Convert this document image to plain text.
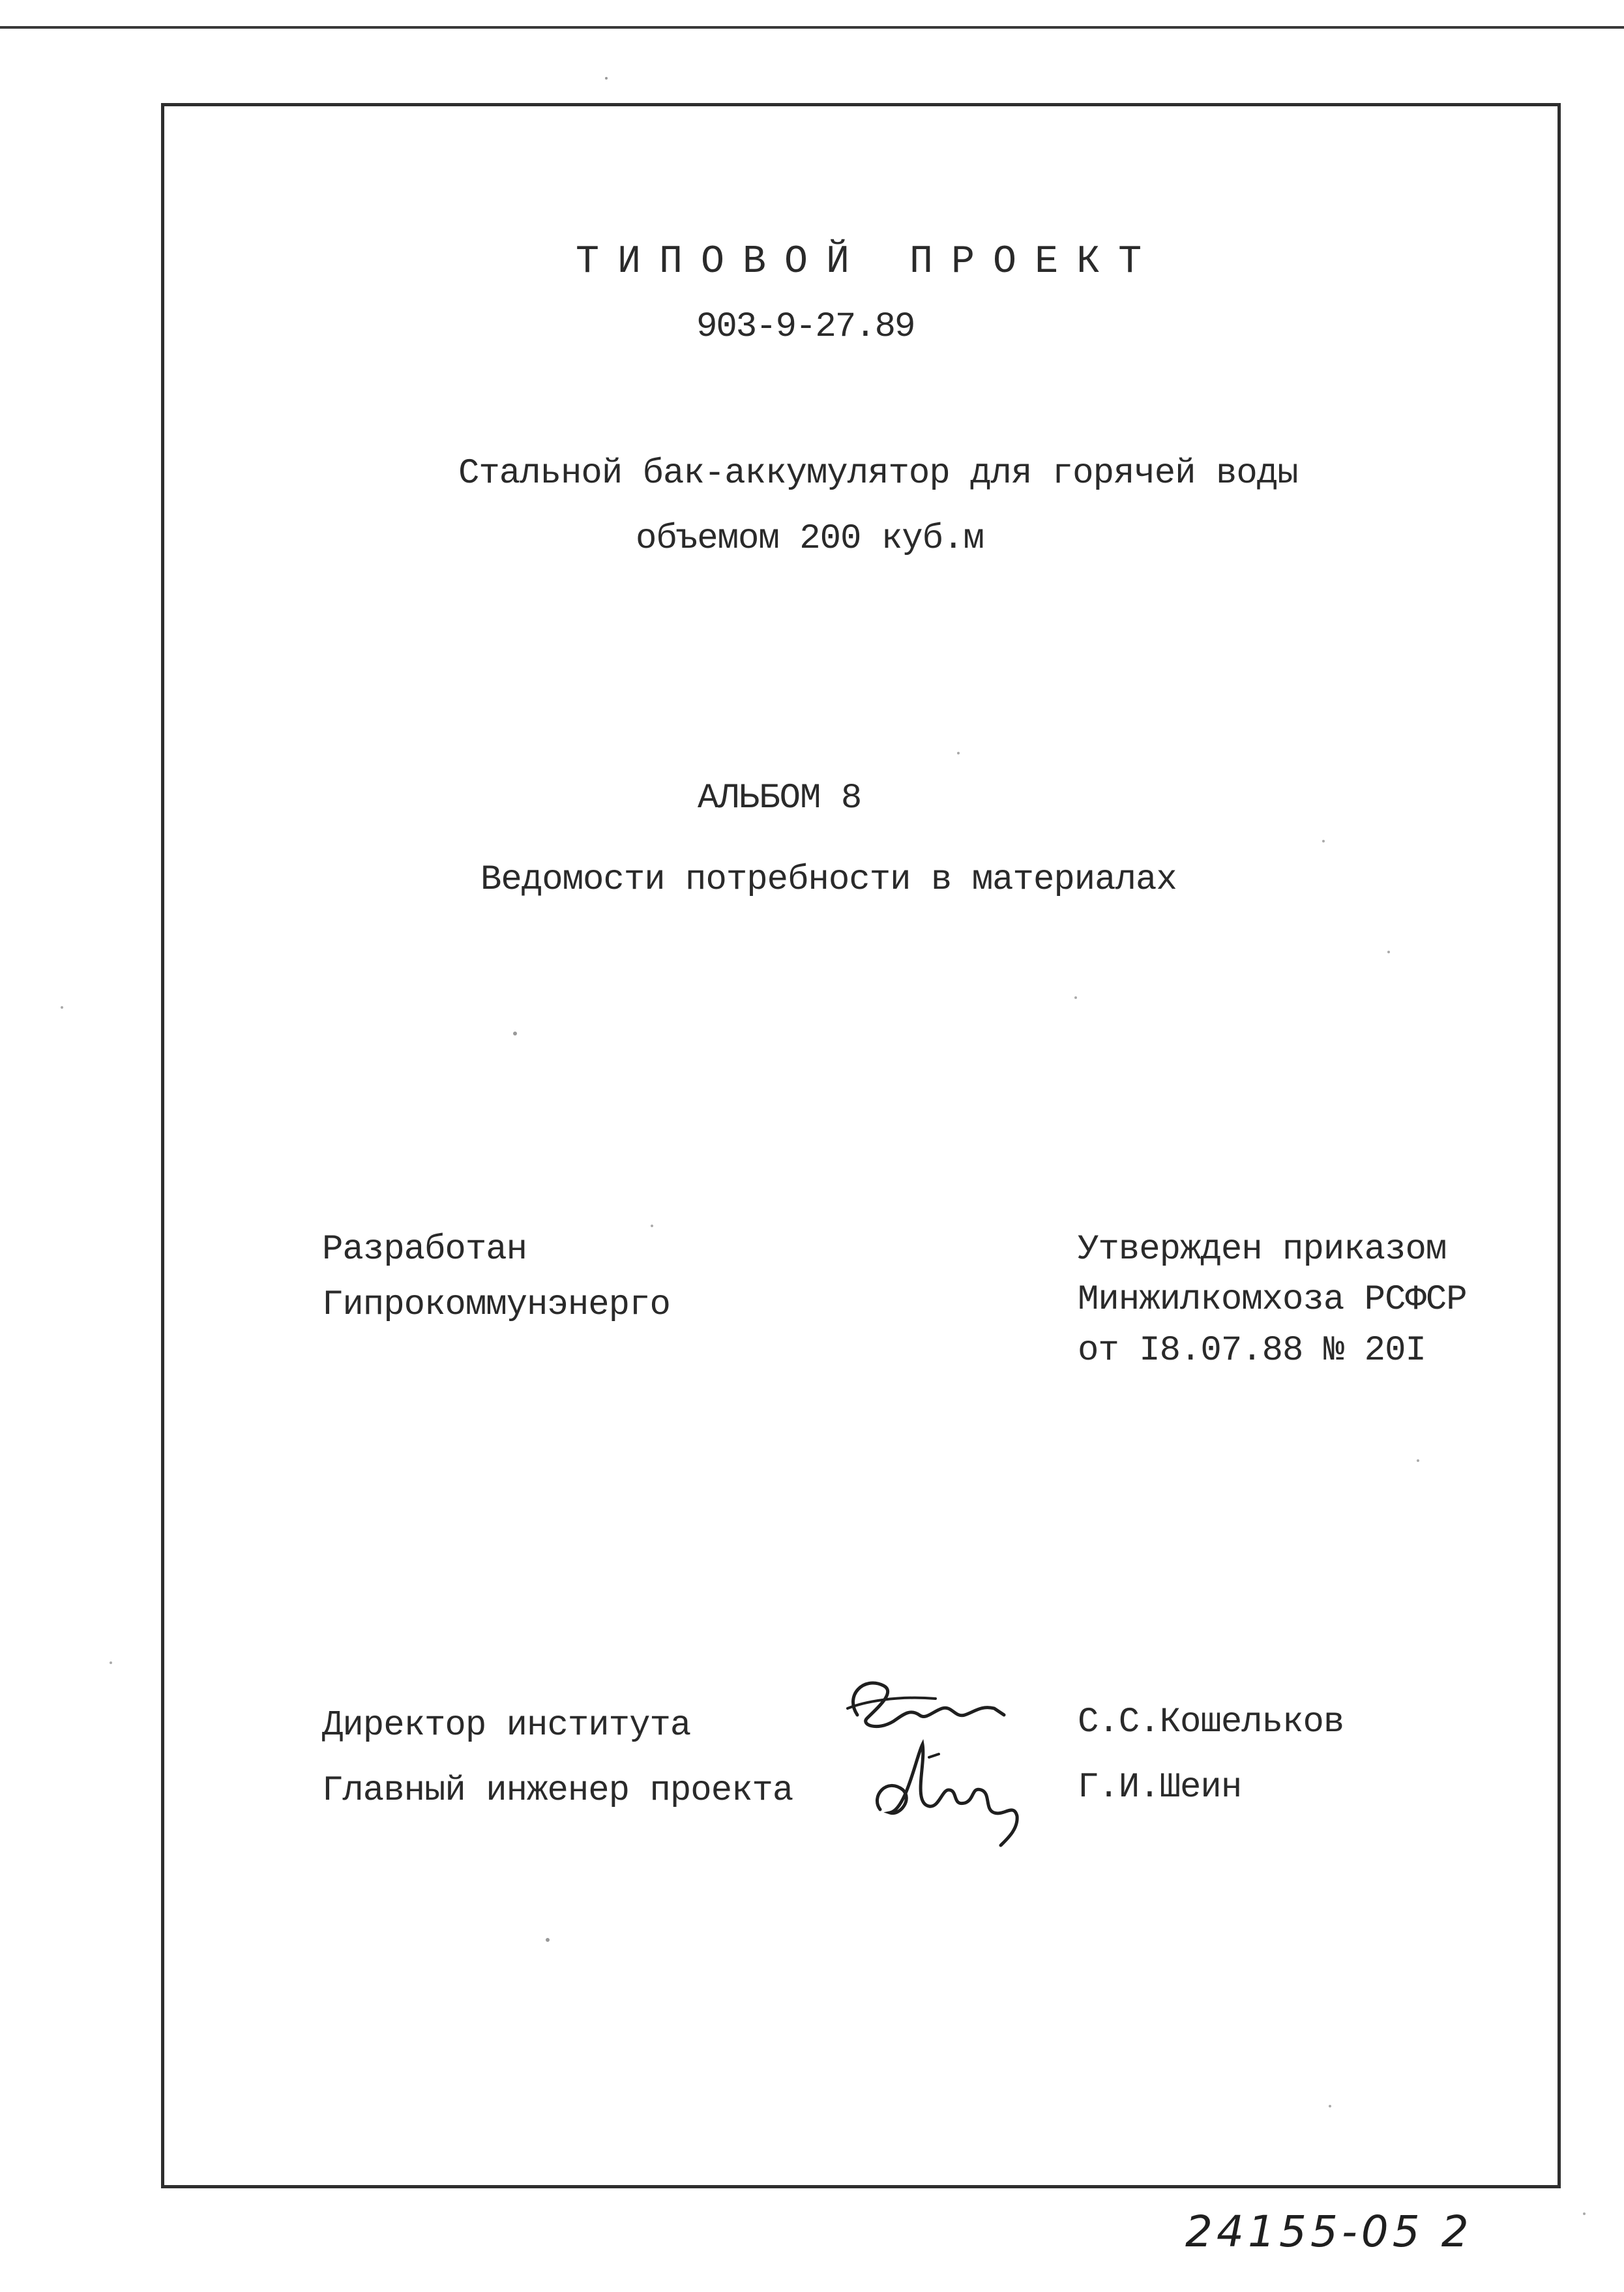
ТИПОВОЙ ПРОЕКТ
903-9-27.89
Стальной бак-аккумулятор для горячей воды
объемом 200 куб.м
АЛЬБОМ 8
Ведомости потребности в материалах
Разработан
Гипрокоммунэнерго
Утвержден приказом
Минжилкомхоза РСФСР
от I8.07.88 № 20I
Директор института
Главный инженер проекта
С.С.Кошельков
Г.И.Шеин
24155-05 2
